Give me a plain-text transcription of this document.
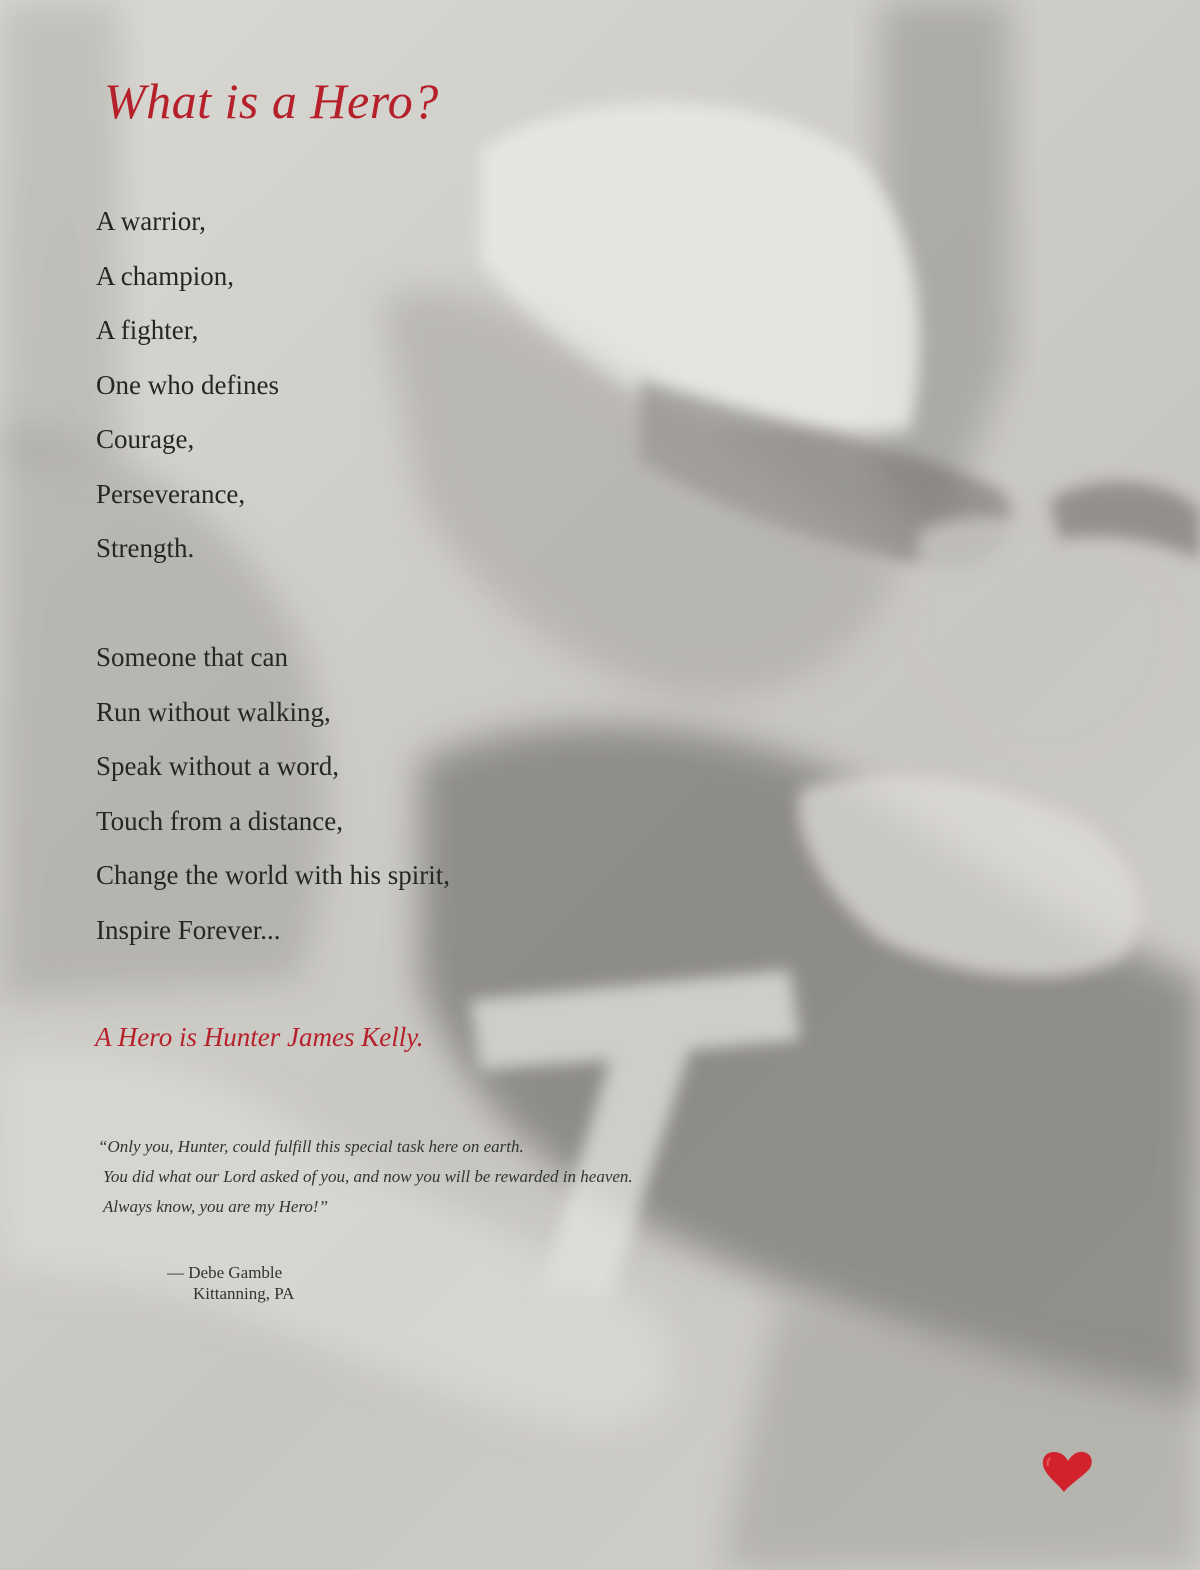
What is a Hero?
A warrior,
A champion,
A fighter,
One who defines
Courage,
Perseverance,
Strength.
Someone that can
Run without walking,
Speak without a word,
Touch from a distance,
Change the world with his spirit,
Inspire Forever...

A Hero is Hunter James Kelly.

“Only you, Hunter, could fulfill this special task here on earth.
You did what our Lord asked of you, and now you will be rewarded in heaven.
Always know, you are my Hero!”
— Debe Gamble
Kittanning, PA
